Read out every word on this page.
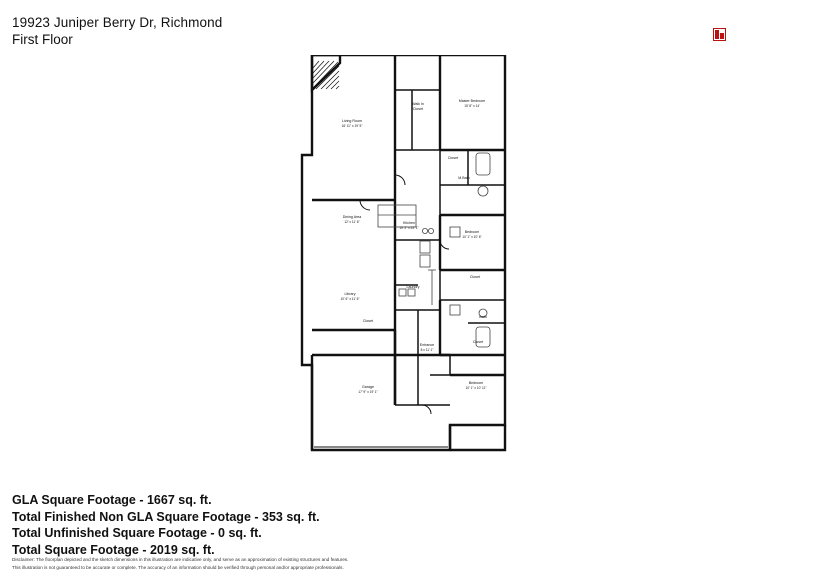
19923 Juniper Berry Dr, Richmond
First Floor
Living Room
16' 11" x 19' 5"
Walk In
Closet
Master Bedroom
15' 8" x 14'
Closet
M.Bath
Dining Area
12' x 11' 6"	Kitchen
10' 2" x 22' 1"
Bedroom
10' 1" x 10' 6"
Laundry
Closet
Library
10' 6" x 11' 6"
Bath
Closet
Closet
Entrance
8 x 11' 1"
Garage
17' 9" x 19' 1"
Bedroom
10' 1" x 10' 11"
GLA Square Footage - 1667 sq. ft.
Total Finished Non GLA Square Footage - 353 sq. ft.
Total Unfinished Square Footage - 0 sq. ft.
Total Square Footage - 2019 sq. ft.

Disclaimer: The floorplan depicted and the sketch dimensions in this illustration are indicative only, and serve as an approximation of existing structures and features.

This illustration is not guaranteed to be accurate or complete. The accuracy of an information should be verified through personal and/or appropriate professionals.
